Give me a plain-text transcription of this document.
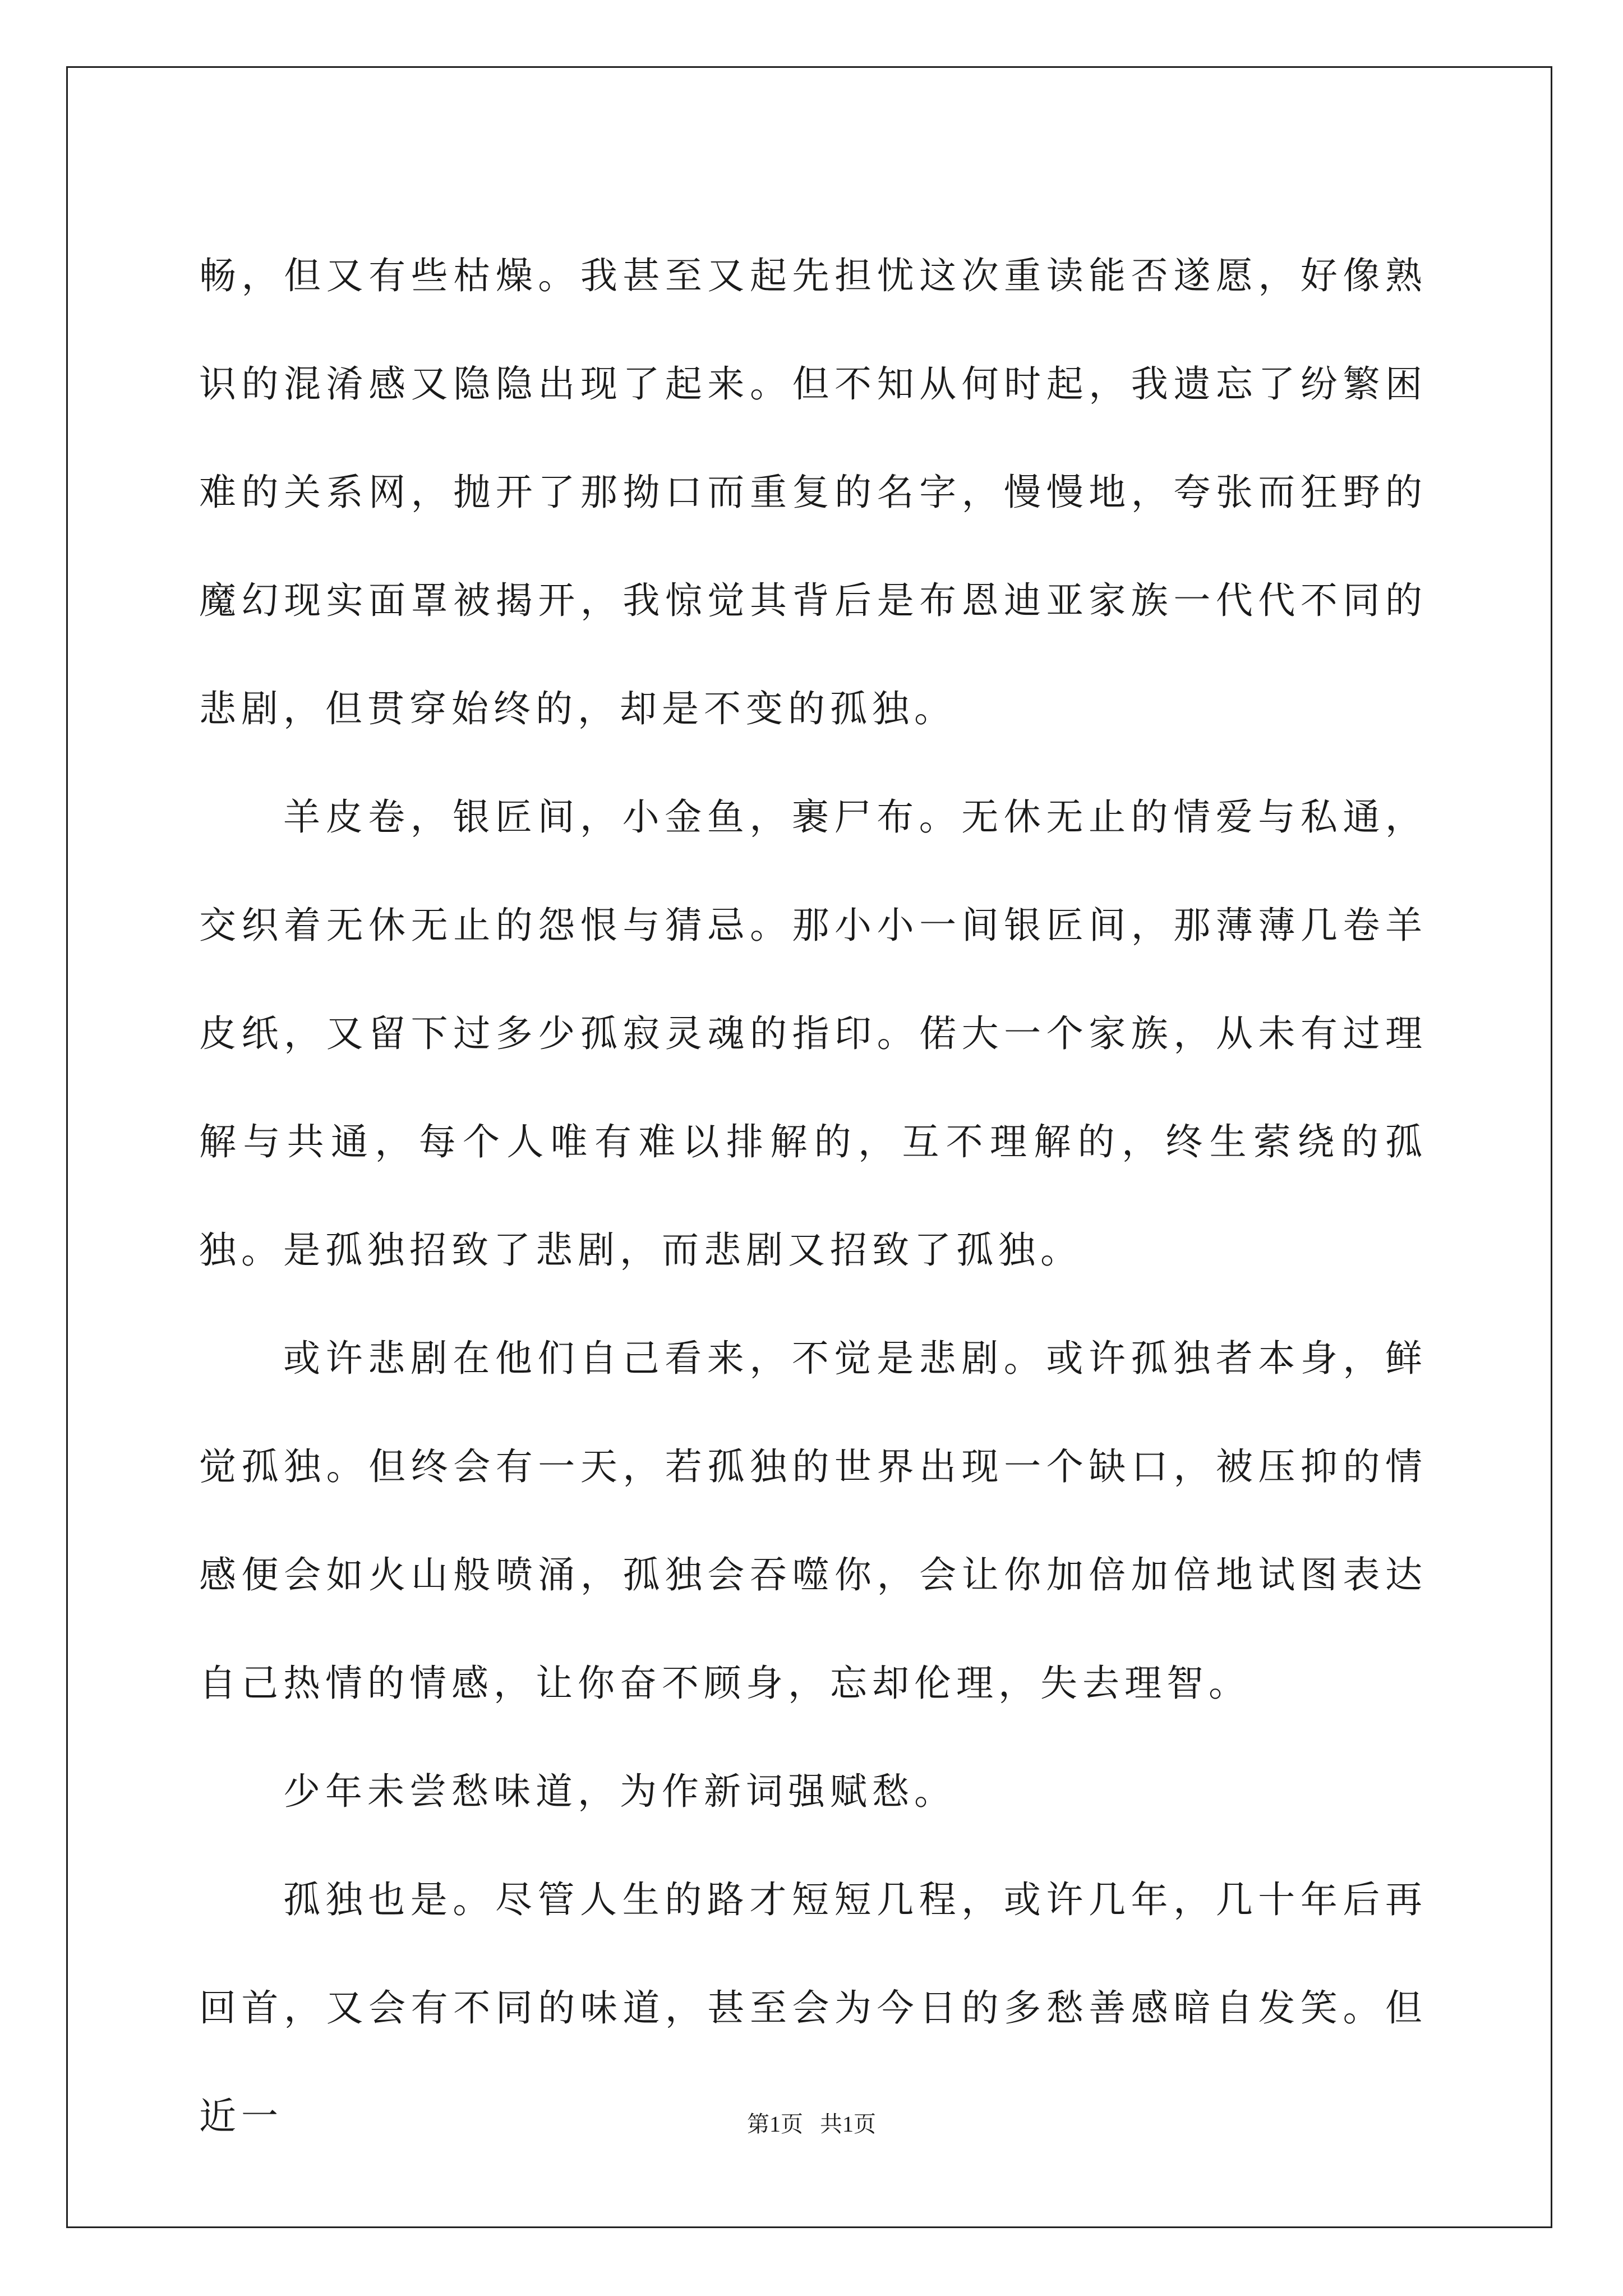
畅，但又有些枯燥。我甚至又起先担忧这次重读能否遂愿，好像熟识的混淆感又隐隐出现了起来。但不知从何时起，我遗忘了纷繁困难的关系网，抛开了那拗口而重复的名字，慢慢地，夸张而狂野的魔幻现实面罩被揭开，我惊觉其背后是布恩迪亚家族一代代不同的悲剧，但贯穿始终的，却是不变的孤独。

羊皮卷，银匠间，小金鱼，裹尸布。无休无止的情爱与私通，交织着无休无止的怨恨与猜忌。那小小一间银匠间，那薄薄几卷羊皮纸，又留下过多少孤寂灵魂的指印。偌大一个家族，从未有过理解与共通，每个人唯有难以排解的，互不理解的，终生萦绕的孤独。是孤独招致了悲剧，而悲剧又招致了孤独。

或许悲剧在他们自己看来，不觉是悲剧。或许孤独者本身，鲜觉孤独。但终会有一天，若孤独的世界出现一个缺口，被压抑的情感便会如火山般喷涌，孤独会吞噬你，会让你加倍加倍地试图表达自己热情的情感，让你奋不顾身，忘却伦理，失去理智。

少年未尝愁味道，为作新词强赋愁。

孤独也是。尽管人生的路才短短几程，或许几年，几十年后再回首，又会有不同的味道，甚至会为今日的多愁善感暗自发笑。但近一	第1页 共1页
